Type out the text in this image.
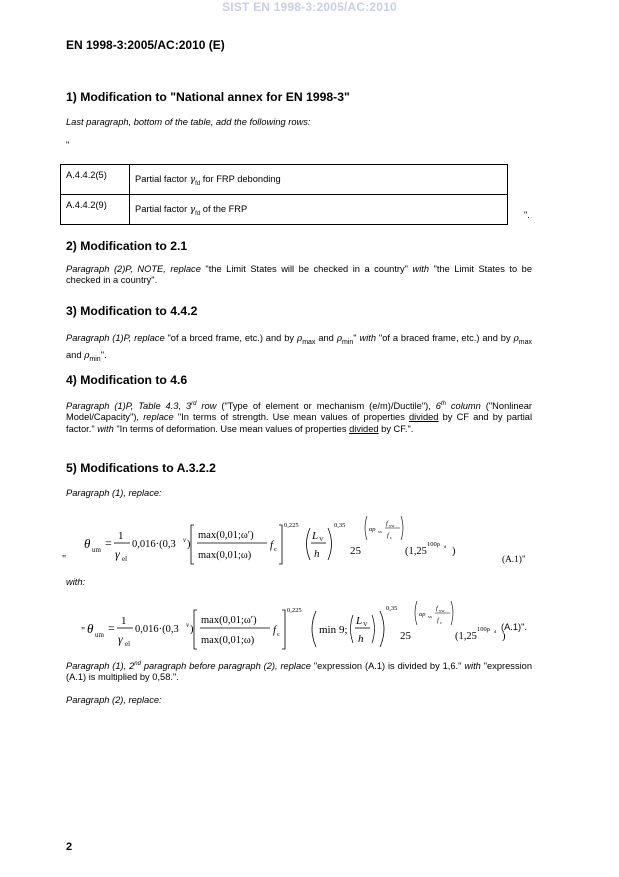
SIST EN 1998-3:2005/AC:2010
EN 1998-3:2005/AC:2010 (E)
1) Modification to "National annex for EN 1998-3"
Last paragraph, bottom of the table, add the following rows:
"
A.4.4.2(5)	Partial factor $\gamma_{fd}$ for FRP debonding
A.4.4.2(9)	Partial factor $\gamma_{fd}$ of the FRP
".
2) Modification to 2.1
Paragraph (2)P, NOTE, replace "the Limit States will be checked in a country" with "the Limit States to be checked in a country".
3) Modification to 4.4.2
Paragraph (1)P, replace "of a brced frame, etc.) and by $\rho_{max}$ and $\rho_{min}$" with "of a braced frame, etc.) and by $\rho_{max}$ and $\rho_{min}$".
4) Modification to 4.6
Paragraph (1)P, Table 4.3, 3rd row ("Type of element or mechanism (e/m)/Ductile"), 6th column ("Nonlinear Model/Capacity"), replace "In terms of strength. Use mean values of properties divided by CF and by partial factor." with "In terms of deformation. Use mean values of properties divided by CF.".
5) Modifications to A.3.2.2
Paragraph (1), replace:
"
θ um = 1
γ el
0,016·(0,3 ν )
max(0,01;ω′)
max(0,01;ω)
f c
0,225
L V
h
0,35
25
αρ sx
f yw
f c
(1,25
100ρ d )
(A.1)"
with:
" θ um = 1
γ el
0,016·(0,3 ν )
max(0,01;ω′)
max(0,01;ω)
f c
0,225
min 9;
L V
h
0,35
25
αρ sx
f yw
f c
(1,25
100ρ d )
(A.1)".
Paragraph (1), 2nd paragraph before paragraph (2), replace "expression (A.1) is divided by 1,6." with "expression (A.1) is multiplied by 0,58.".
Paragraph (2), replace:
2
